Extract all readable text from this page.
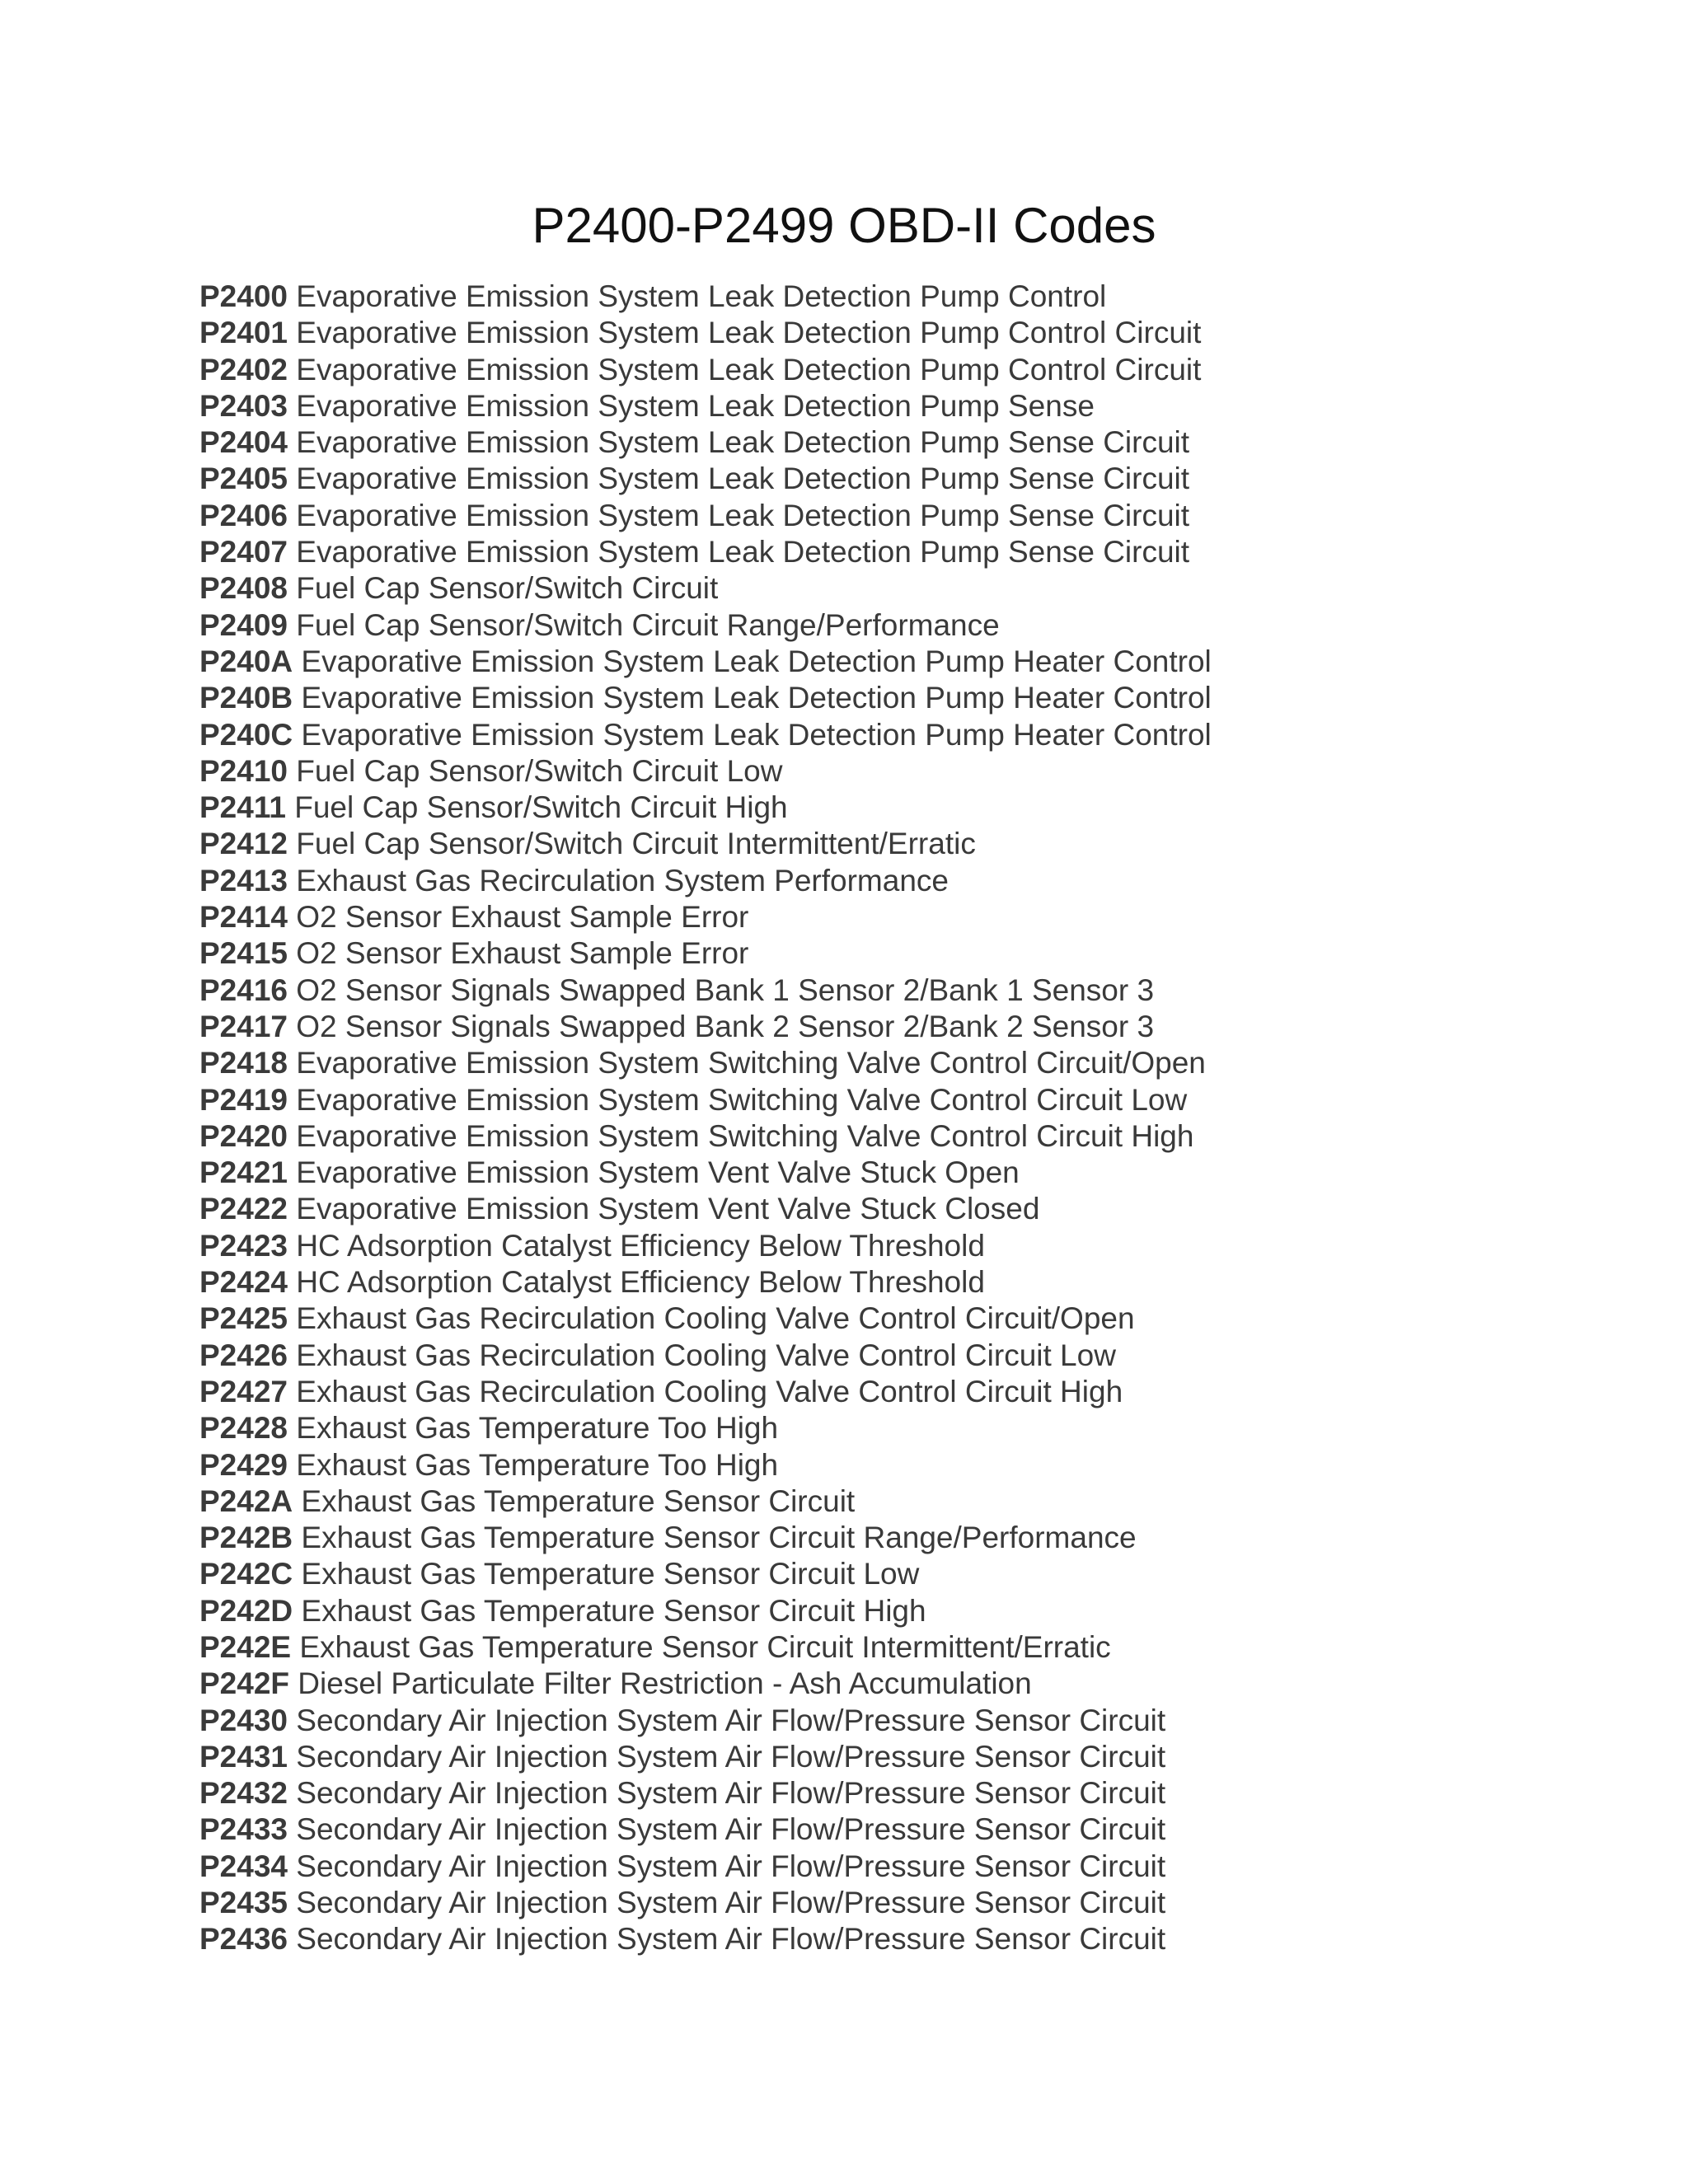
P2400-P2499 OBD-II Codes
P2400 Evaporative Emission System Leak Detection Pump Control
P2401 Evaporative Emission System Leak Detection Pump Control Circuit
P2402 Evaporative Emission System Leak Detection Pump Control Circuit
P2403 Evaporative Emission System Leak Detection Pump Sense
P2404 Evaporative Emission System Leak Detection Pump Sense Circuit
P2405 Evaporative Emission System Leak Detection Pump Sense Circuit
P2406 Evaporative Emission System Leak Detection Pump Sense Circuit
P2407 Evaporative Emission System Leak Detection Pump Sense Circuit
P2408 Fuel Cap Sensor/Switch Circuit
P2409 Fuel Cap Sensor/Switch Circuit Range/Performance
P240A Evaporative Emission System Leak Detection Pump Heater Control
P240B Evaporative Emission System Leak Detection Pump Heater Control
P240C Evaporative Emission System Leak Detection Pump Heater Control
P2410 Fuel Cap Sensor/Switch Circuit Low
P2411 Fuel Cap Sensor/Switch Circuit High
P2412 Fuel Cap Sensor/Switch Circuit Intermittent/Erratic
P2413 Exhaust Gas Recirculation System Performance
P2414 O2 Sensor Exhaust Sample Error
P2415 O2 Sensor Exhaust Sample Error
P2416 O2 Sensor Signals Swapped Bank 1 Sensor 2/Bank 1 Sensor 3
P2417 O2 Sensor Signals Swapped Bank 2 Sensor 2/Bank 2 Sensor 3
P2418 Evaporative Emission System Switching Valve Control Circuit/Open
P2419 Evaporative Emission System Switching Valve Control Circuit Low
P2420 Evaporative Emission System Switching Valve Control Circuit High
P2421 Evaporative Emission System Vent Valve Stuck Open
P2422 Evaporative Emission System Vent Valve Stuck Closed
P2423 HC Adsorption Catalyst Efficiency Below Threshold
P2424 HC Adsorption Catalyst Efficiency Below Threshold
P2425 Exhaust Gas Recirculation Cooling Valve Control Circuit/Open
P2426 Exhaust Gas Recirculation Cooling Valve Control Circuit Low
P2427 Exhaust Gas Recirculation Cooling Valve Control Circuit High
P2428 Exhaust Gas Temperature Too High
P2429 Exhaust Gas Temperature Too High
P242A Exhaust Gas Temperature Sensor Circuit
P242B Exhaust Gas Temperature Sensor Circuit Range/Performance
P242C Exhaust Gas Temperature Sensor Circuit Low
P242D Exhaust Gas Temperature Sensor Circuit High
P242E Exhaust Gas Temperature Sensor Circuit Intermittent/Erratic
P242F Diesel Particulate Filter Restriction - Ash Accumulation
P2430 Secondary Air Injection System Air Flow/Pressure Sensor Circuit
P2431 Secondary Air Injection System Air Flow/Pressure Sensor Circuit
P2432 Secondary Air Injection System Air Flow/Pressure Sensor Circuit
P2433 Secondary Air Injection System Air Flow/Pressure Sensor Circuit
P2434 Secondary Air Injection System Air Flow/Pressure Sensor Circuit
P2435 Secondary Air Injection System Air Flow/Pressure Sensor Circuit
P2436 Secondary Air Injection System Air Flow/Pressure Sensor Circuit
